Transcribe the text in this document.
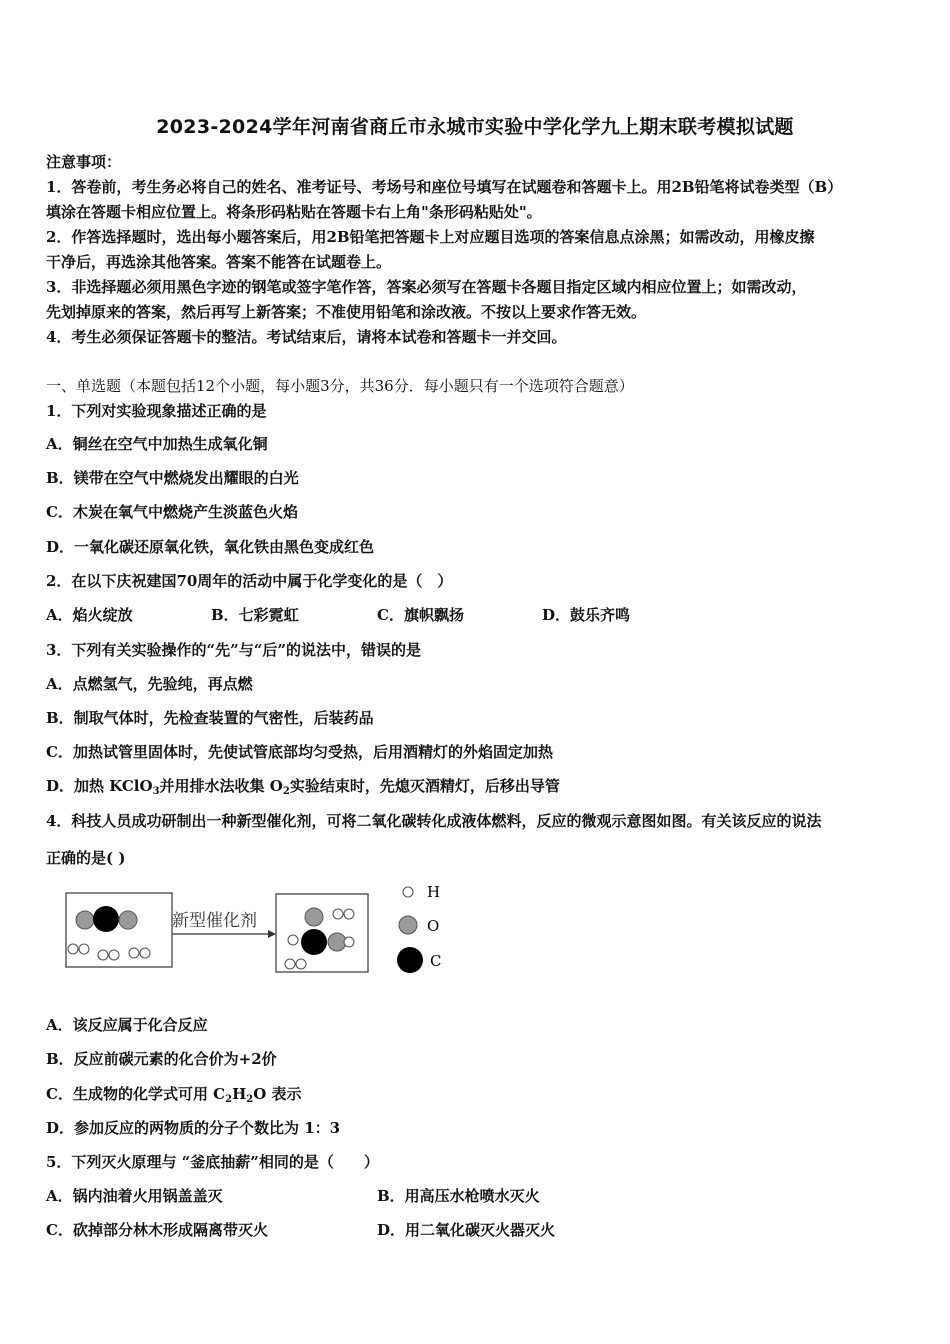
2023-2024学年河南省商丘市永城市实验中学化学九上期末联考模拟试题
注意事项：
1．答卷前，考生务必将自己的姓名、准考证号、考场号和座位号填写在试题卷和答题卡上。用2B铅笔将试卷类型（B）
填涂在答题卡相应位置上。将条形码粘贴在答题卡右上角"条形码粘贴处"。
2．作答选择题时，选出每小题答案后，用2B铅笔把答题卡上对应题目选项的答案信息点涂黑；如需改动，用橡皮擦
干净后，再选涂其他答案。答案不能答在试题卷上。
3．非选择题必须用黑色字迹的钢笔或签字笔作答，答案必须写在答题卡各题目指定区域内相应位置上；如需改动，
先划掉原来的答案，然后再写上新答案；不准使用铅笔和涂改液。不按以上要求作答无效。
4．考生必须保证答题卡的整洁。考试结束后，请将本试卷和答题卡一并交回。
一、单选题（本题包括12个小题，每小题3分，共36分．每小题只有一个选项符合题意）
1．下列对实验现象描述正确的是
A．铜丝在空气中加热生成氧化铜
B．镁带在空气中燃烧发出耀眼的白光
C．木炭在氧气中燃烧产生淡蓝色火焰
D．一氧化碳还原氧化铁，氧化铁由黑色变成红色
2．在以下庆祝建国70周年的活动中属于化学变化的是（　）
A．焰火绽放	B．七彩霓虹	C．旗帜飘扬	D．鼓乐齐鸣
3．下列有关实验操作的“先”与“后”的说法中，错误的是
A．点燃氢气，先验纯，再点燃
B．制取气体时，先检查装置的气密性，后装药品
C．加热试管里固体时，先使试管底部均匀受热，后用酒精灯的外焰固定加热
D．加热 KClO$_3$并用排水法收集 $O_2$实验结束时，先熄灭酒精灯，后移出导管
4．科技人员成功研制出一种新型催化剂，可将二氧化碳转化成液体燃料，反应的微观示意图如图。有关该反应的说法
正确的是( )
新型催化剂
H
O
C
A．该反应属于化合反应
B．反应前碳元素的化合价为+2价
C．生成物的化学式可用 $C_2H_2O$ 表示
D．参加反应的两物质的分子个数比为 1：3
5．下列灭火原理与 “釜底抽薪”相同的是（　　）
A．锅内油着火用锅盖盖灭	B．用高压水枪喷水灭火
C．砍掉部分林木形成隔离带灭火	D．用二氧化碳灭火器灭火
